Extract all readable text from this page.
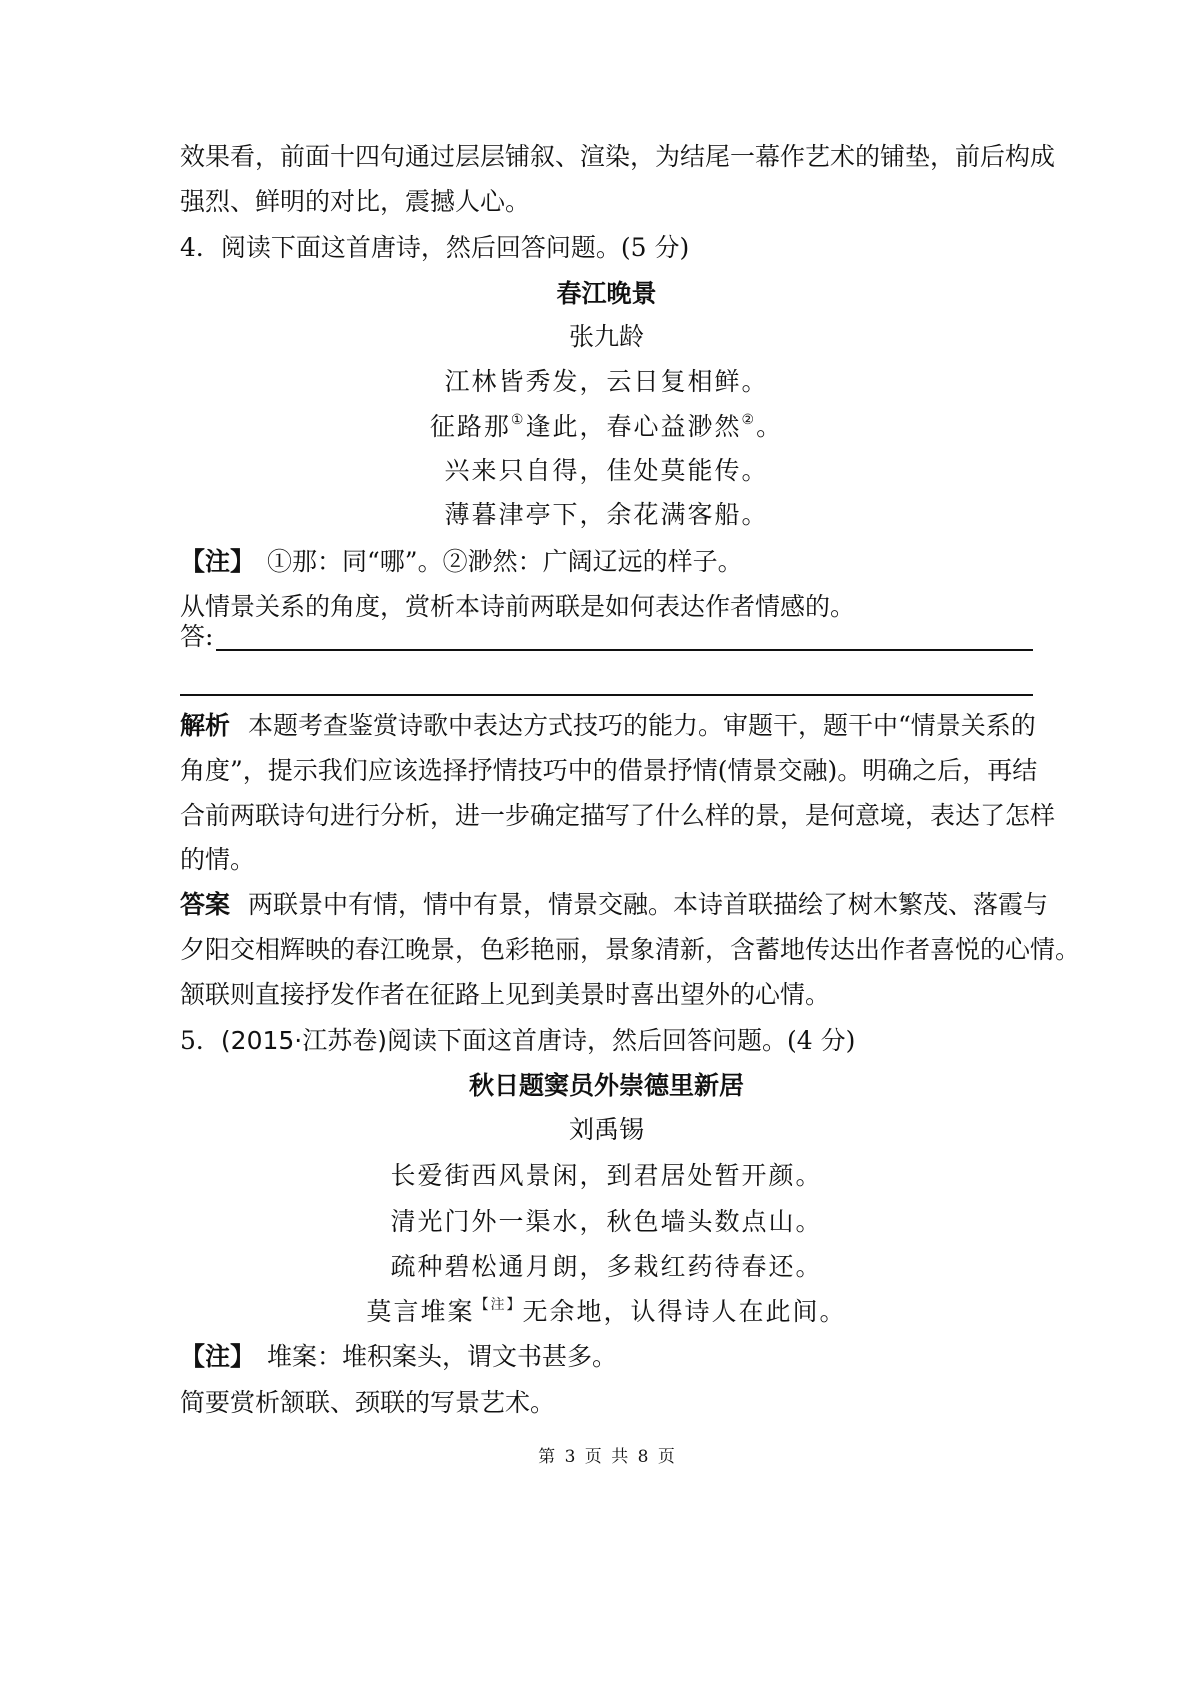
效果看，前面十四句通过层层铺叙、渲染，为结尾一幕作艺术的铺垫，前后构成
强烈、鲜明的对比，震撼人心。
4．阅读下面这首唐诗，然后回答问题。(5 分)
春江晚景
张九龄
江林皆秀发，云日复相鲜。
征路那①逢此，春心益渺然②。
兴来只自得，佳处莫能传。
薄暮津亭下，余花满客船。
【注】 ①那：同“哪”。②渺然：广阔辽远的样子。
从情景关系的角度，赏析本诗前两联是如何表达作者情感的。
答:
解析 本题考查鉴赏诗歌中表达方式技巧的能力。审题干，题干中“情景关系的
角度”，提示我们应该选择抒情技巧中的借景抒情(情景交融)。明确之后，再结
合前两联诗句进行分析，进一步确定描写了什么样的景，是何意境，表达了怎样
的情。
答案 两联景中有情，情中有景，情景交融。本诗首联描绘了树木繁茂、落霞与
夕阳交相辉映的春江晚景，色彩艳丽，景象清新，含蓄地传达出作者喜悦的心情。
颔联则直接抒发作者在征路上见到美景时喜出望外的心情。
5．(2015·江苏卷)阅读下面这首唐诗，然后回答问题。(4 分)
秋日题窦员外崇德里新居
刘禹锡
长爱街西风景闲，到君居处暂开颜。
清光门外一渠水，秋色墙头数点山。
疏种碧松通月朗，多栽红药待春还。
莫言堆案$^{【注】}$无余地，认得诗人在此间。
【注】 堆案：堆积案头，谓文书甚多。
简要赏析颔联、颈联的写景艺术。
第 3 页 共 8 页
